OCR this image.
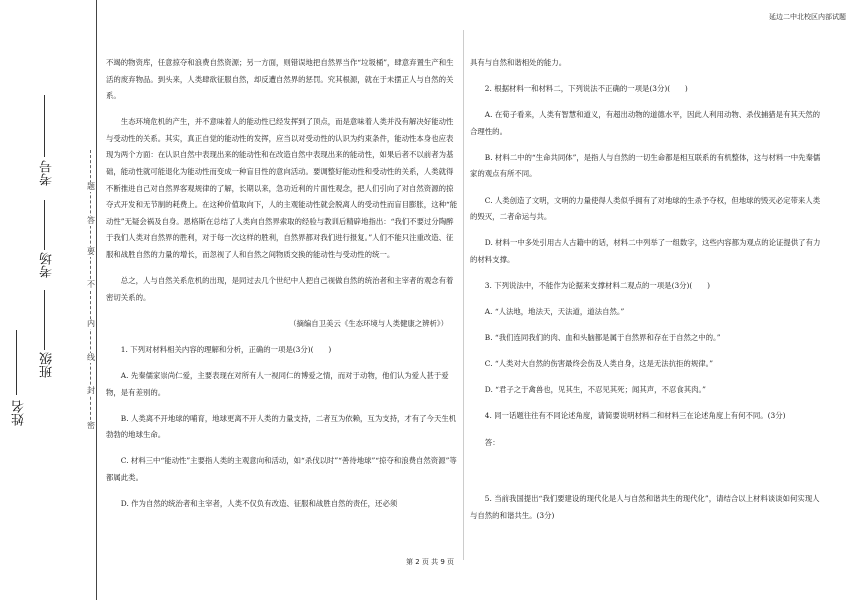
姓名
班级
考场
考号
题
答
要
不
内
线
封
密
延边二中北校区内部试题

不竭的物资库，任意掠夺和浪费自然资源；另一方面，则错误地把自然界当作“垃圾桶”，肆意弃置生产和生活的废弃物品。到头来，人类肆欲征服自然，却反遭自然界的惩罚。究其根源，就在于未摆正人与自然的关系。

生态环境危机的产生，并不意味着人的能动性已经发挥到了顶点，而是意味着人类并没有解决好能动性与受动性的关系。其实，真正自觉的能动性的发挥，应当以对受动性的认识为约束条件，能动性本身也应表现为两个方面：在认识自然中表现出来的能动性和在改造自然中表现出来的能动性，如果后者不以前者为基础，能动性就可能退化为能动性而变成一种盲目性的意向活动。要调整好能动性和受动性的关系，人类就得不断推进自己对自然界客观规律的了解，长期以来，急功近利的片面性观念，把人们引向了对自然资源的掠夺式开发和无节制的耗费上。在这种价值取向下，人的主观能动性就会脱离人的受动性而盲目膨胀，这种“能动性”无疑会祸及自身。恩格斯在总结了人类向自然界索取的经验与教训后精辟地指出：“我们不要过分陶醉于我们人类对自然界的胜利，对于每一次这样的胜利，自然界都对我们进行报复。”人们不能只注重改造、征服和战胜自然的力量的增长，而忽视了人和自然之间物质交换的能动性与受动性的统一。

总之，人与自然关系危机的出现，是同过去几个世纪中人把自己视做自然的统治者和主宰者的观念有着密切关系的。

（摘编自卫美云《生态环境与人类健康之辨析》）

1. 下列对材料相关内容的理解和分析，正确的一项是(3分)(　　)

A. 先秦儒家崇尚仁爱，主要表现在对所有人一视同仁的博爱之情，而对于动物，他们认为爱人甚于爱物，是有差别的。

B. 人类离不开地球的哺育，地球更离不开人类的力量支持，二者互为依赖，互为支持，才有了今天生机勃勃的地球生命。

C. 材料三中“能动性”主要指人类的主观意向和活动，如“杀伐以时”“善待地球”“掠夺和浪费自然资源”等都属此类。

D. 作为自然的统治者和主宰者，人类不仅负有改造、征服和战胜自然的责任，还必须

具有与自然和谐相处的能力。

2. 根据材料一和材料二，下列说法不正确的一项是(3分)(　　)

A. 在荀子看来，人类有智慧和道义，有超出动物的道德水平，因此人利用动物、杀伐捕猎是有其天然的合理性的。

B. 材料二中的“生命共同体”，是指人与自然的一切生命都是相互联系的有机整体，这与材料一中先秦儒家的观点有所不同。

C. 人类创造了文明，文明的力量使得人类似乎拥有了对地球的生杀予夺权，但地球的毁灭必定带来人类的毁灭，二者命运与共。

D. 材料一中多处引用古人古籍中的话，材料二中列举了一组数字，这些内容都为观点的论证提供了有力的材料支撑。

3. 下列说法中，不能作为论据来支撑材料二观点的一项是(3分)(　　)

A. “人法地，地法天，天法道，道法自然。”

B. “我们连同我们的肉、血和头脑都是属于自然界和存在于自然之中的。”

C. “人类对大自然的伤害最终会伤及人类自身，这是无法抗拒的规律。”

D. “君子之于禽兽也，见其生，不忍见其死；闻其声，不忍食其肉。”

4. 同一话题往往有不同论述角度，请简要说明材料二和材料三在论述角度上有何不同。(3分)

答：

5. 当前我国提出“我们要建设的现代化是人与自然和谐共生的现代化”，请结合以上材料谈谈如何实现人与自然的和谐共生。(3分)

第 2 页 共 9 页
